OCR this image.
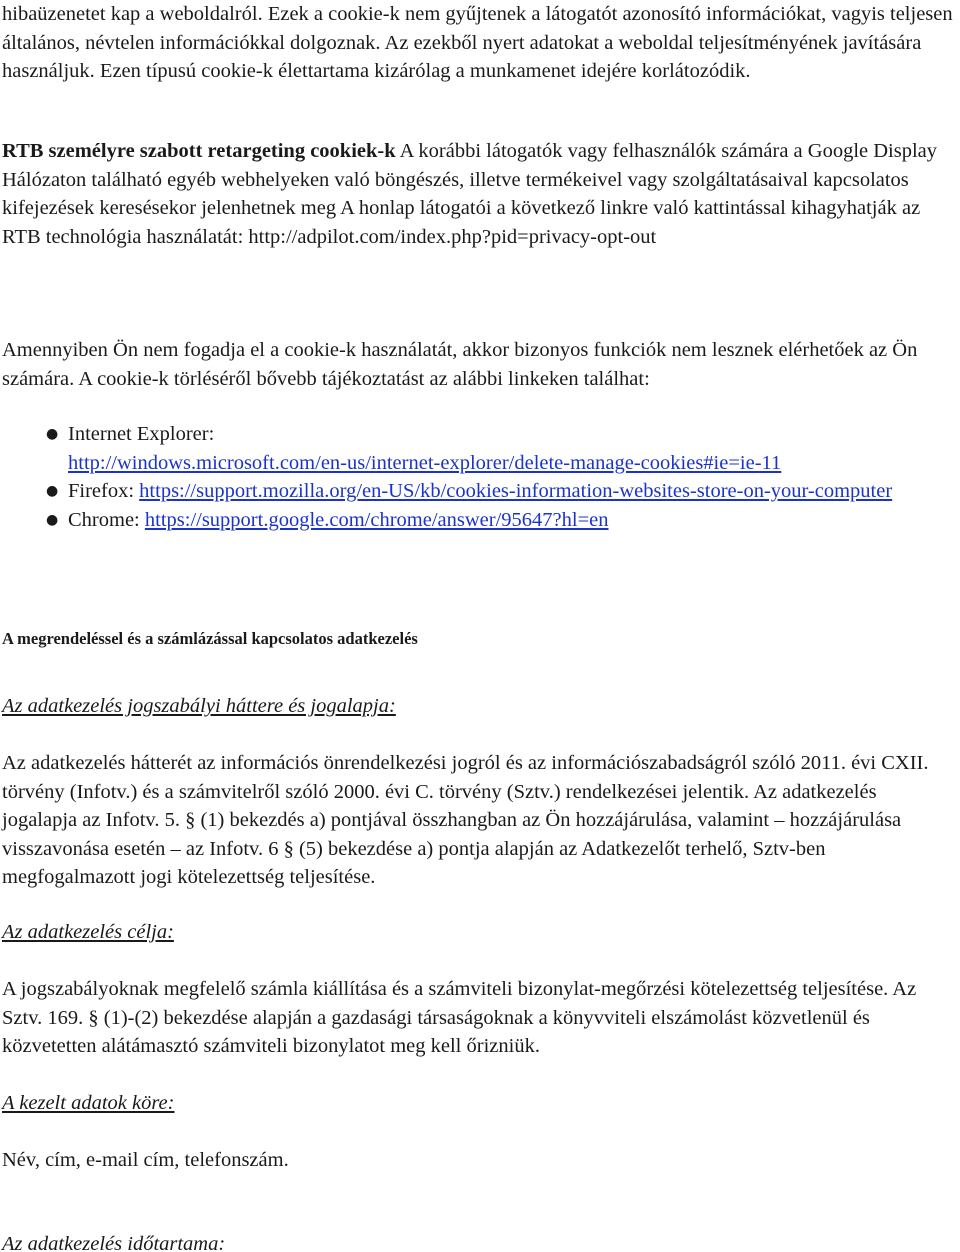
hibaüzenetet kap a weboldalról. Ezek a cookie-k nem gyűjtenek a látogatót azonosító információkat, vagyis teljesen általános, névtelen információkkal dolgoznak. Az ezekből nyert adatokat a weboldal teljesítményének javítására használjuk. Ezen típusú cookie-k élettartama kizárólag a munkamenet idejére korlátozódik.

RTB személyre szabott retargeting cookiek-k A korábbi látogatók vagy felhasználók számára a Google Display Hálózaton található egyéb webhelyeken való böngészés, illetve termékeivel vagy szolgáltatásaival kapcsolatos kifejezések keresésekor jelenhetnek meg A honlap látogatói a következő linkre való kattintással kihagyhatják az RTB technológia használatát: http://adpilot.com/index.php?pid=privacy-opt-out

Amennyiben Ön nem fogadja el a cookie-k használatát, akkor bizonyos funkciók nem lesznek elérhetőek az Ön számára. A cookie-k törléséről bővebb tájékoztatást az alábbi linkeken találhat:

● Internet Explorer:
http://windows.microsoft.com/en-us/internet-explorer/delete-manage-cookies#ie=ie-11
● Firefox: https://support.mozilla.org/en-US/kb/cookies-information-websites-store-on-your-computer
● Chrome: https://support.google.com/chrome/answer/95647?hl=en

A megrendeléssel és a számlázással kapcsolatos adatkezelés

Az adatkezelés jogszabályi háttere és jogalapja:

Az adatkezelés hátterét az információs önrendelkezési jogról és az információszabadságról szóló 2011. évi CXII. törvény (Infotv.) és a számvitelről szóló 2000. évi C. törvény (Sztv.) rendelkezései jelentik. Az adatkezelés jogalapja az Infotv. 5. § (1) bekezdés a) pontjával összhangban az Ön hozzájárulása, valamint – hozzájárulása visszavonása esetén – az Infotv. 6 § (5) bekezdése a) pontja alapján az Adatkezelőt terhelő, Sztv-ben megfogalmazott jogi kötelezettség teljesítése.

Az adatkezelés célja:

A jogszabályoknak megfelelő számla kiállítása és a számviteli bizonylat-megőrzési kötelezettség teljesítése. Az Sztv. 169. § (1)-(2) bekezdése alapján a gazdasági társaságoknak a könyvviteli elszámolást közvetlenül és közvetetten alátámasztó számviteli bizonylatot meg kell őrizniük.

A kezelt adatok köre:

Név, cím, e-mail cím, telefonszám.

Az adatkezelés időtartama:
